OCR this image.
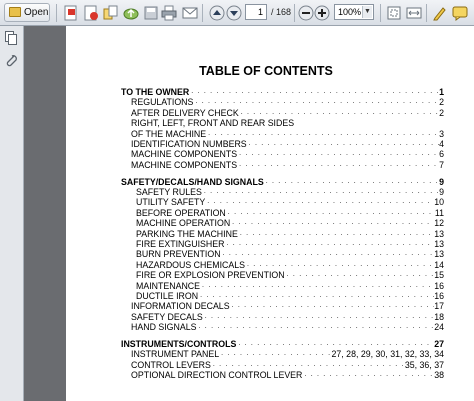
Open	1 / 168	100% ▼
TABLE OF CONTENTS
TO THE OWNER . . .	1
REGULATIONS . . .	2
AFTER DELIVERY CHECK . . .	2
RIGHT, LEFT, FRONT AND REAR SIDES
OF THE MACHINE . . .	3
IDENTIFICATION NUMBERS . . .	4
MACHINE COMPONENTS . . .	6
MACHINE COMPONENTS . . .	7
SAFETY/DECALS/HAND SIGNALS . . .	9
SAFETY RULES . . .	9
UTILITY SAFETY . . .	10
BEFORE OPERATION . . .	11
MACHINE OPERATION . . .	12
PARKING THE MACHINE . . .	13
FIRE EXTINGUISHER . . .	13
BURN PREVENTION . . .	13
HAZARDOUS CHEMICALS . . .	14
FIRE OR EXPLOSION PREVENTION . . .	15
MAINTENANCE . . .	16
DUCTILE IRON . . .	16
INFORMATION DECALS . . .	17
SAFETY DECALS . . .	18
HAND SIGNALS . . .	24
INSTRUMENTS/CONTROLS . . .	27
INSTRUMENT PANEL . . .	27, 28, 29, 30, 31, 32, 33, 34
CONTROL LEVERS . . .	35, 36, 37
OPTIONAL DIRECTION CONTROL LEVER . . .	38
